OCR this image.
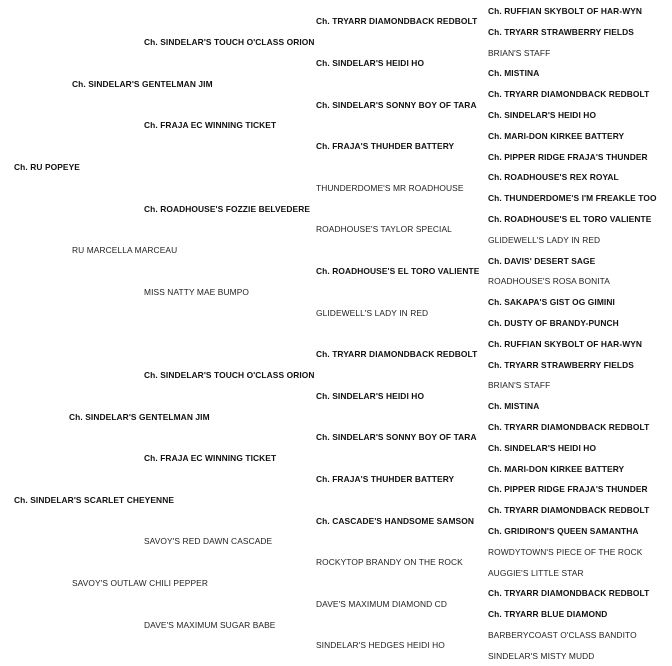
Ch. RU POPEYE
Ch. SINDELAR'S SCARLET CHEYENNE
Ch. SINDELAR'S GENTELMAN JIM
RU MARCELLA MARCEAU
Ch. SINDELAR'S GENTELMAN JIM
SAVOY'S OUTLAW CHILI PEPPER
Ch. SINDELAR'S TOUCH O'CLASS ORION
Ch. FRAJA EC WINNING TICKET
Ch. ROADHOUSE'S FOZZIE BELVEDERE
MISS NATTY MAE BUMPO
Ch. SINDELAR'S TOUCH O'CLASS ORION
Ch. FRAJA EC WINNING TICKET
SAVOY'S RED DAWN CASCADE
DAVE'S MAXIMUM SUGAR BABE
Ch. TRYARR DIAMONDBACK REDBOLT
Ch. SINDELAR'S HEIDI HO
Ch. SINDELAR'S SONNY BOY OF TARA
Ch. FRAJA'S THUHDER BATTERY
THUNDERDOME'S MR ROADHOUSE
ROADHOUSE'S TAYLOR SPECIAL
Ch. ROADHOUSE'S EL TORO VALIENTE
GLIDEWELL'S LADY IN RED
Ch. TRYARR DIAMONDBACK REDBOLT
Ch. SINDELAR'S HEIDI HO
Ch. SINDELAR'S SONNY BOY OF TARA
Ch. FRAJA'S THUHDER BATTERY
Ch. CASCADE'S HANDSOME SAMSON
ROCKYTOP BRANDY ON THE ROCK
DAVE'S MAXIMUM DIAMOND CD
SINDELAR'S HEDGES HEIDI HO
Ch. RUFFIAN SKYBOLT OF HAR-WYN
Ch. TRYARR STRAWBERRY FIELDS
BRIAN'S STAFF
Ch. MISTINA
Ch. TRYARR DIAMONDBACK REDBOLT
Ch. SINDELAR'S HEIDI HO
Ch. MARI-DON KIRKEE BATTERY
Ch. PIPPER RIDGE FRAJA'S THUNDER
Ch. ROADHOUSE'S REX ROYAL
Ch. THUNDERDOME'S I'M FREAKLE TOO
Ch. ROADHOUSE'S EL TORO VALIENTE
GLIDEWELL'S LADY IN RED
Ch. DAVIS' DESERT SAGE
ROADHOUSE'S ROSA BONITA
Ch. SAKAPA'S GIST OG GIMINI
Ch. DUSTY OF BRANDY-PUNCH
Ch. RUFFIAN SKYBOLT OF HAR-WYN
Ch. TRYARR STRAWBERRY FIELDS
BRIAN'S STAFF
Ch. MISTINA
Ch. TRYARR DIAMONDBACK REDBOLT
Ch. SINDELAR'S HEIDI HO
Ch. MARI-DON KIRKEE BATTERY
Ch. PIPPER RIDGE FRAJA'S THUNDER
Ch. TRYARR DIAMONDBACK REDBOLT
Ch. GRIDIRON'S QUEEN SAMANTHA
ROWDYTOWN'S PIECE OF THE ROCK
AUGGIE'S LITTLE STAR
Ch. TRYARR DIAMONDBACK REDBOLT
Ch. TRYARR BLUE DIAMOND
BARBERYCOAST O'CLASS BANDITO
SINDELAR'S MISTY MUDD
